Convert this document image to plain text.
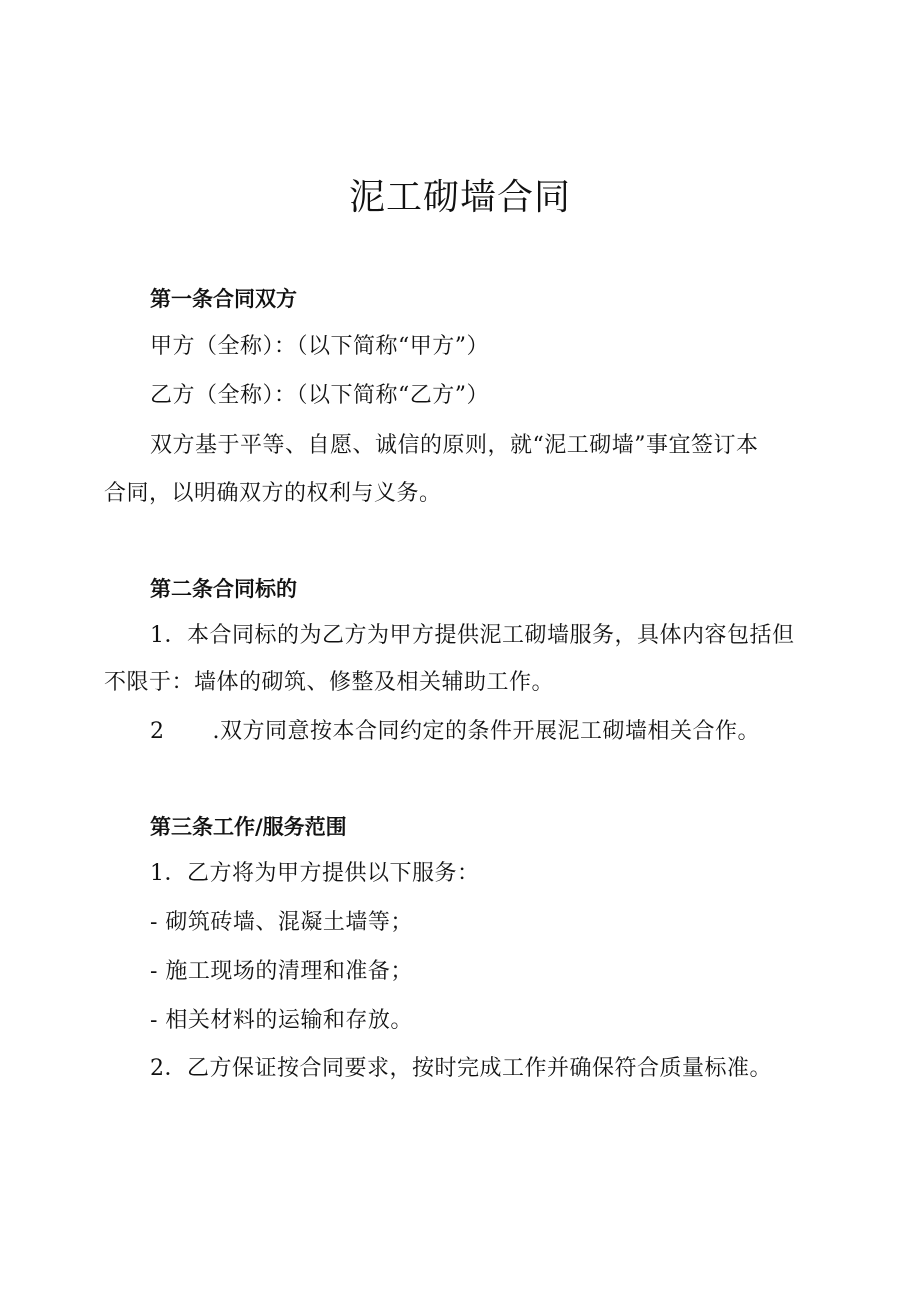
泥工砌墙合同
第一条合同双方
甲方（全称）：（以下简称“甲方”）
乙方（全称）：（以下简称“乙方”）
双方基于平等、自愿、诚信的原则，就“泥工砌墙”事宜签订本
合同，以明确双方的权利与义务。
第二条合同标的
1．本合同标的为乙方为甲方提供泥工砌墙服务，具体内容包括但
不限于：墙体的砌筑、修整及相关辅助工作。
2 .双方同意按本合同约定的条件开展泥工砌墙相关合作。
第三条工作/服务范围
1．乙方将为甲方提供以下服务：
- 砌筑砖墙、混凝土墙等；
- 施工现场的清理和准备；
- 相关材料的运输和存放。
2．乙方保证按合同要求，按时完成工作并确保符合质量标准。
